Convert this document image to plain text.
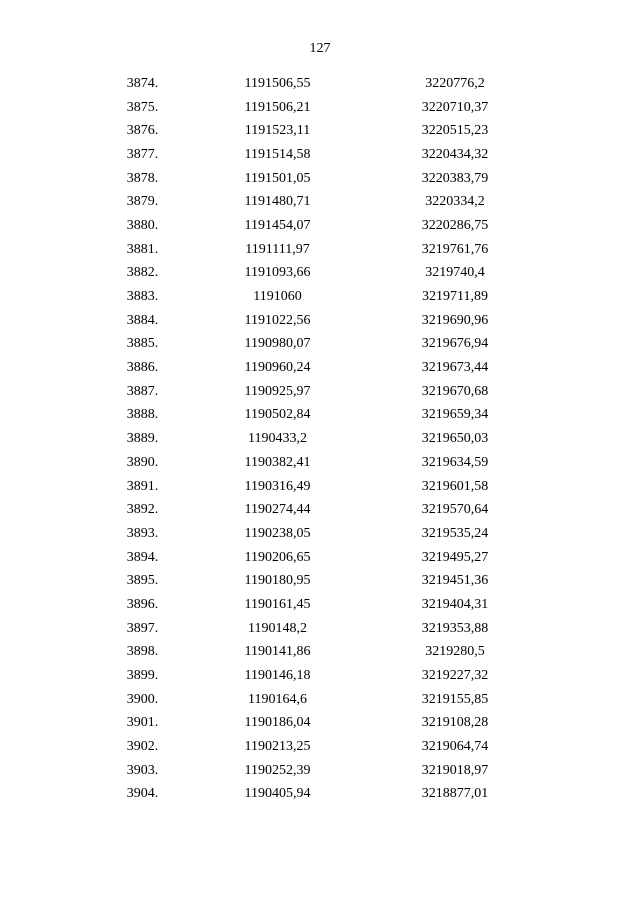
127
3874.	1191506,55	3220776,2
3875.	1191506,21	3220710,37
3876.	1191523,11	3220515,23
3877.	1191514,58	3220434,32
3878.	1191501,05	3220383,79
3879.	1191480,71	3220334,2
3880.	1191454,07	3220286,75
3881.	1191111,97	3219761,76
3882.	1191093,66	3219740,4
3883.	1191060	3219711,89
3884.	1191022,56	3219690,96
3885.	1190980,07	3219676,94
3886.	1190960,24	3219673,44
3887.	1190925,97	3219670,68
3888.	1190502,84	3219659,34
3889.	1190433,2	3219650,03
3890.	1190382,41	3219634,59
3891.	1190316,49	3219601,58
3892.	1190274,44	3219570,64
3893.	1190238,05	3219535,24
3894.	1190206,65	3219495,27
3895.	1190180,95	3219451,36
3896.	1190161,45	3219404,31
3897.	1190148,2	3219353,88
3898.	1190141,86	3219280,5
3899.	1190146,18	3219227,32
3900.	1190164,6	3219155,85
3901.	1190186,04	3219108,28
3902.	1190213,25	3219064,74
3903.	1190252,39	3219018,97
3904.	1190405,94	3218877,01
